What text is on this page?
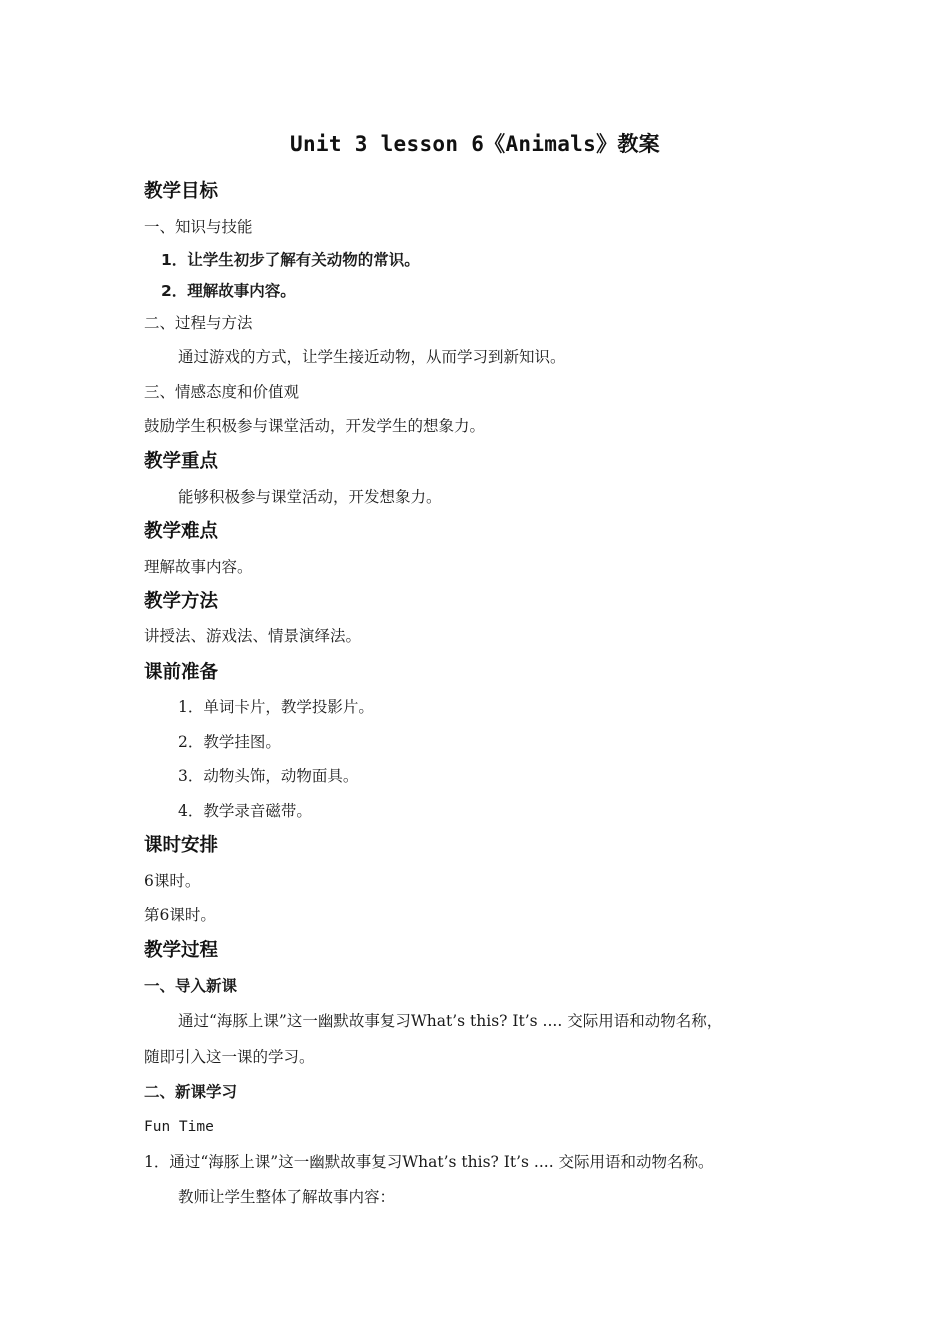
Unit 3 lesson 6《Animals》教案
教学目标
一、知识与技能
1．让学生初步了解有关动物的常识。
2．理解故事内容。
二、过程与方法
通过游戏的方式，让学生接近动物，从而学习到新知识。
三、情感态度和价值观
鼓励学生积极参与课堂活动，开发学生的想象力。
教学重点
能够积极参与课堂活动，开发想象力。
教学难点
理解故事内容。
教学方法
讲授法、游戏法、情景演绎法。
课前准备
1．单词卡片，教学投影片。
2．教学挂图。
3．动物头饰，动物面具。
4．教学录音磁带。
课时安排
6课时。
第6课时。
教学过程
一、导入新课
通过“海豚上课”这一幽默故事复习What’s this? It’s .... 交际用语和动物名称，
随即引入这一课的学习。
二、新课学习
Fun Time
1．通过“海豚上课”这一幽默故事复习What’s this? It’s .... 交际用语和动物名称。
教师让学生整体了解故事内容：
